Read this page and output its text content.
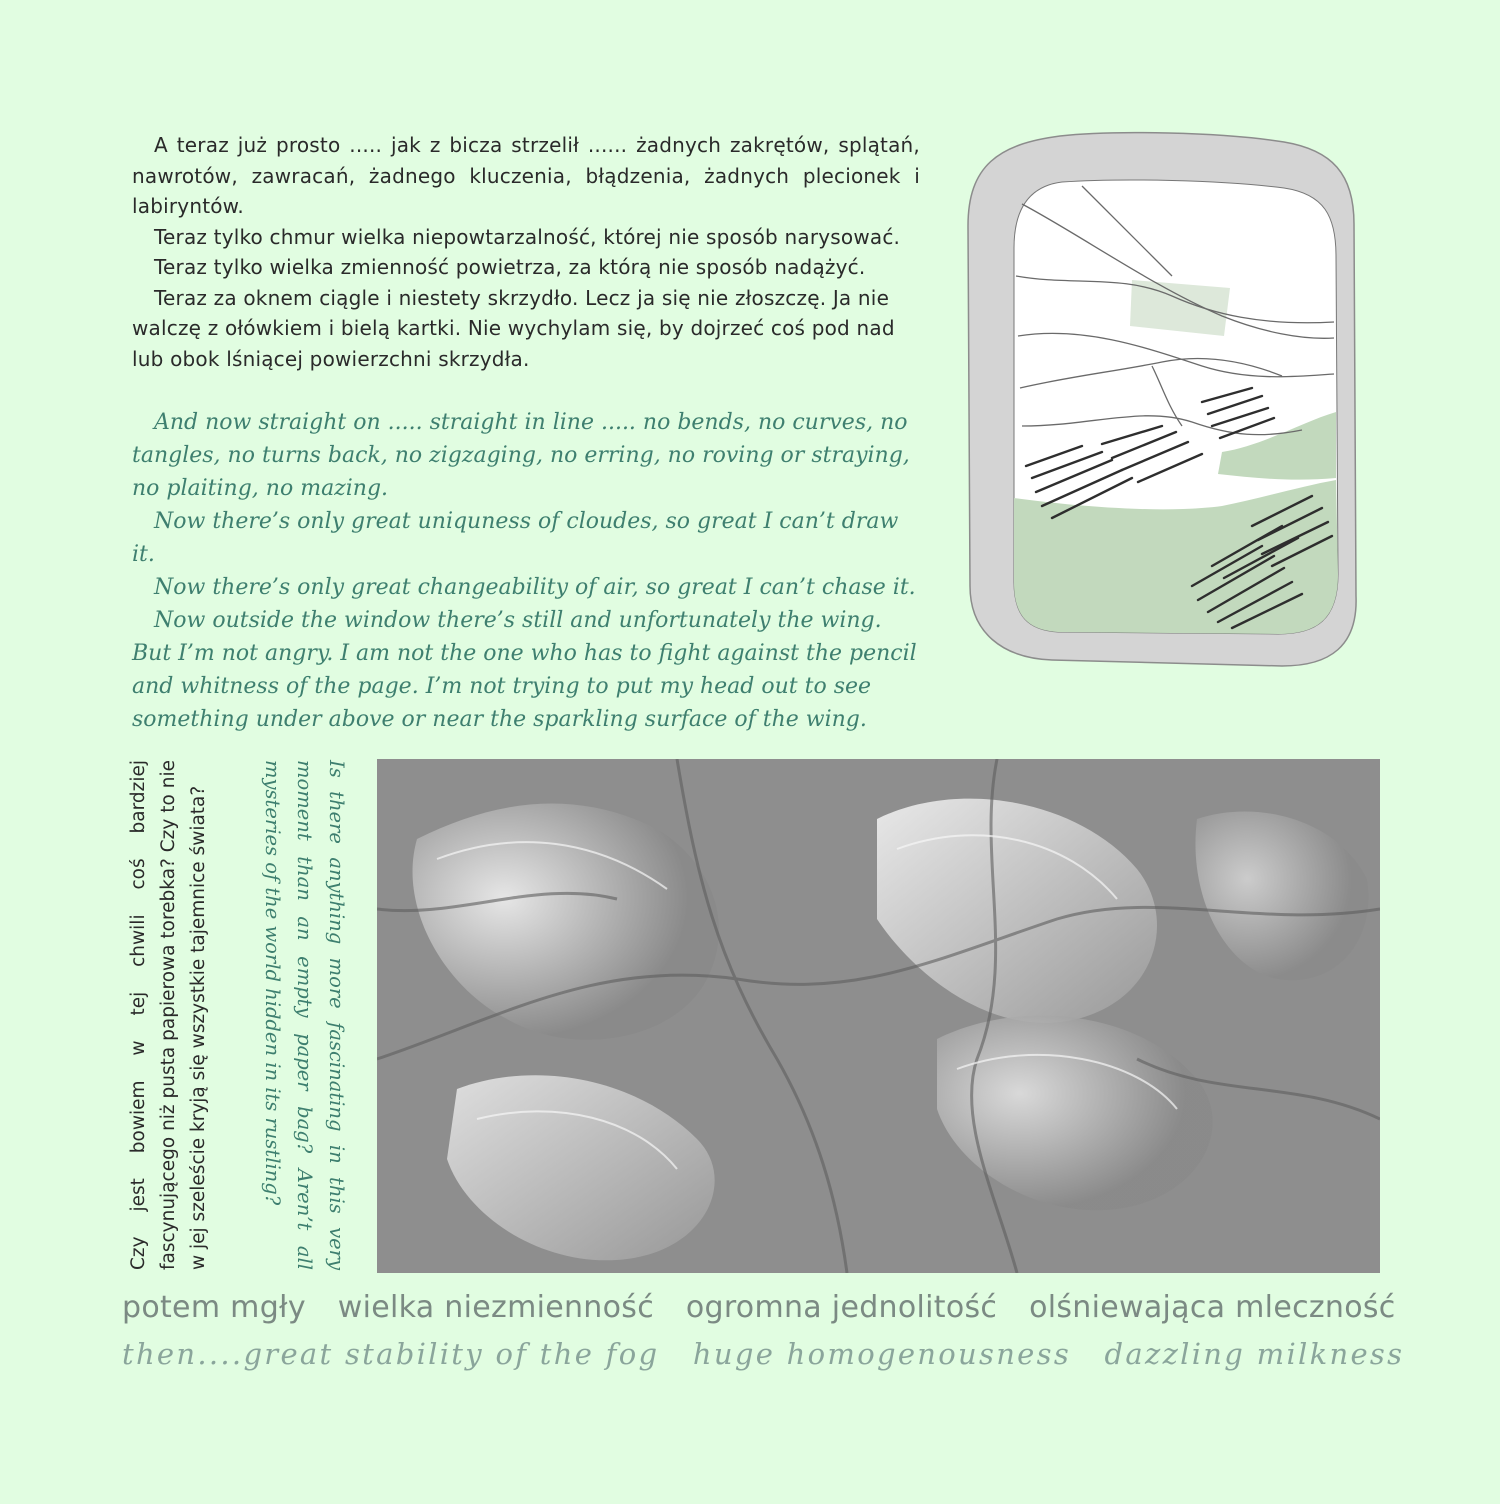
A teraz już prosto ..... jak z bicza strzelił ...... żadnych zakrętów, splątań, nawrotów, zawracań, żadnego kluczenia, błądzenia, żadnych plecionek i labiryntów.

Teraz tylko chmur wielka niepowtarzalność, której nie sposób narysować.

Teraz tylko wielka zmienność powietrza, za którą nie sposób nadążyć.

Teraz za oknem ciągle i niestety skrzydło. Lecz ja się nie złoszczę. Ja nie walczę z ołówkiem i bielą kartki. Nie wychylam się, by dojrzeć coś pod nad lub obok lśniącej powierzchni skrzydła.

And now straight on ..... straight in line ..... no bends, no curves, no tangles, no turns back, no zigzaging, no erring, no roving or straying, no plaiting, no mazing.

Now there’s only great uniquness of cloudes, so great I can’t draw it.

Now there’s only great changeability of air, so great I can’t chase it.

Now outside the window there’s still and unfortunately the wing. But I’m not angry. I am not the one who has to fight against the pencil and whitness of the page. I’m not trying to put my head out to see something under above or near the sparkling surface of the wing.

Czy jest bowiem w tej chwili coś bardziej fascynującego niż pusta papierowa torebka? Czy to nie w jej szeleście kryją się wszystkie tajemnice świata?	Is there anything more fascinating in this very moment than an empty paper bag? Aren’t all mysteries of the world hidden in its rustling?
potem mgły wielka niezmienność ogromna jednolitość olśniewająca mleczność
then....great stability of the fog huge homogenousness dazzling milkness
